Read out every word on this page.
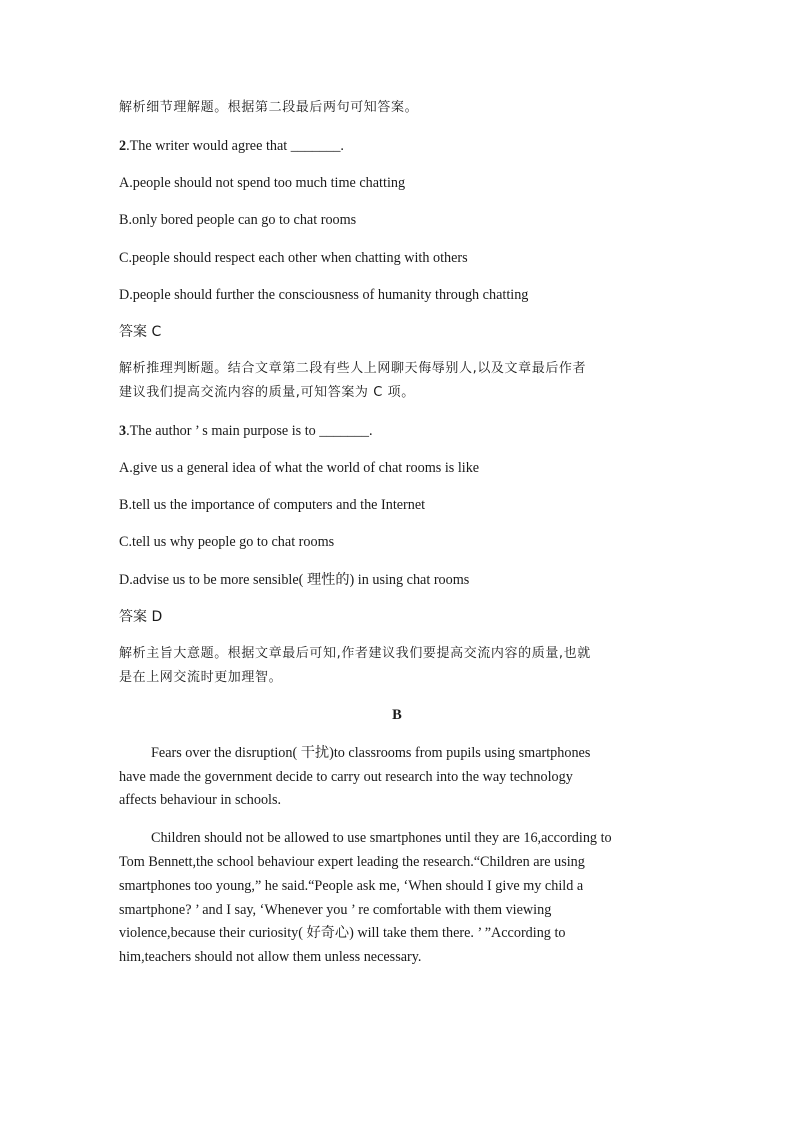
解析细节理解题。根据第二段最后两句可知答案。
2.The writer would agree that _______.
A.people should not spend too much time chatting
B.only bored people can go to chat rooms
C.people should respect each other when chatting with others
D.people should further the consciousness of humanity through chatting
答案 C
解析推理判断题。结合文章第二段有些人上网聊天侮辱别人,以及文章最后作者
建议我们提高交流内容的质量,可知答案为 C 项。
3.The author ’ s main purpose is to _______.
A.give us a general idea of what the world of chat rooms is like
B.tell us the importance of computers and the Internet
C.tell us why people go to chat rooms
D.advise us to be more sensible( 理性的) in using chat rooms
答案 D
解析主旨大意题。根据文章最后可知,作者建议我们要提高交流内容的质量,也就
是在上网交流时更加理智。
B
Fears over the disruption( 干扰)to classrooms from pupils using smartphones
have made the government decide to carry out research into the way technology
affects behaviour in schools.
Children should not be allowed to use smartphones until they are 16,according to
Tom Bennett,the school behaviour expert leading the research.“Children are using
smartphones too young,” he said.“People ask me, ‘When should I give my child a
smartphone? ’ and I say, ‘Whenever you ’ re comfortable with them viewing
violence,because their curiosity( 好奇心) will take them there. ’ ”According to
him,teachers should not allow them unless necessary.
